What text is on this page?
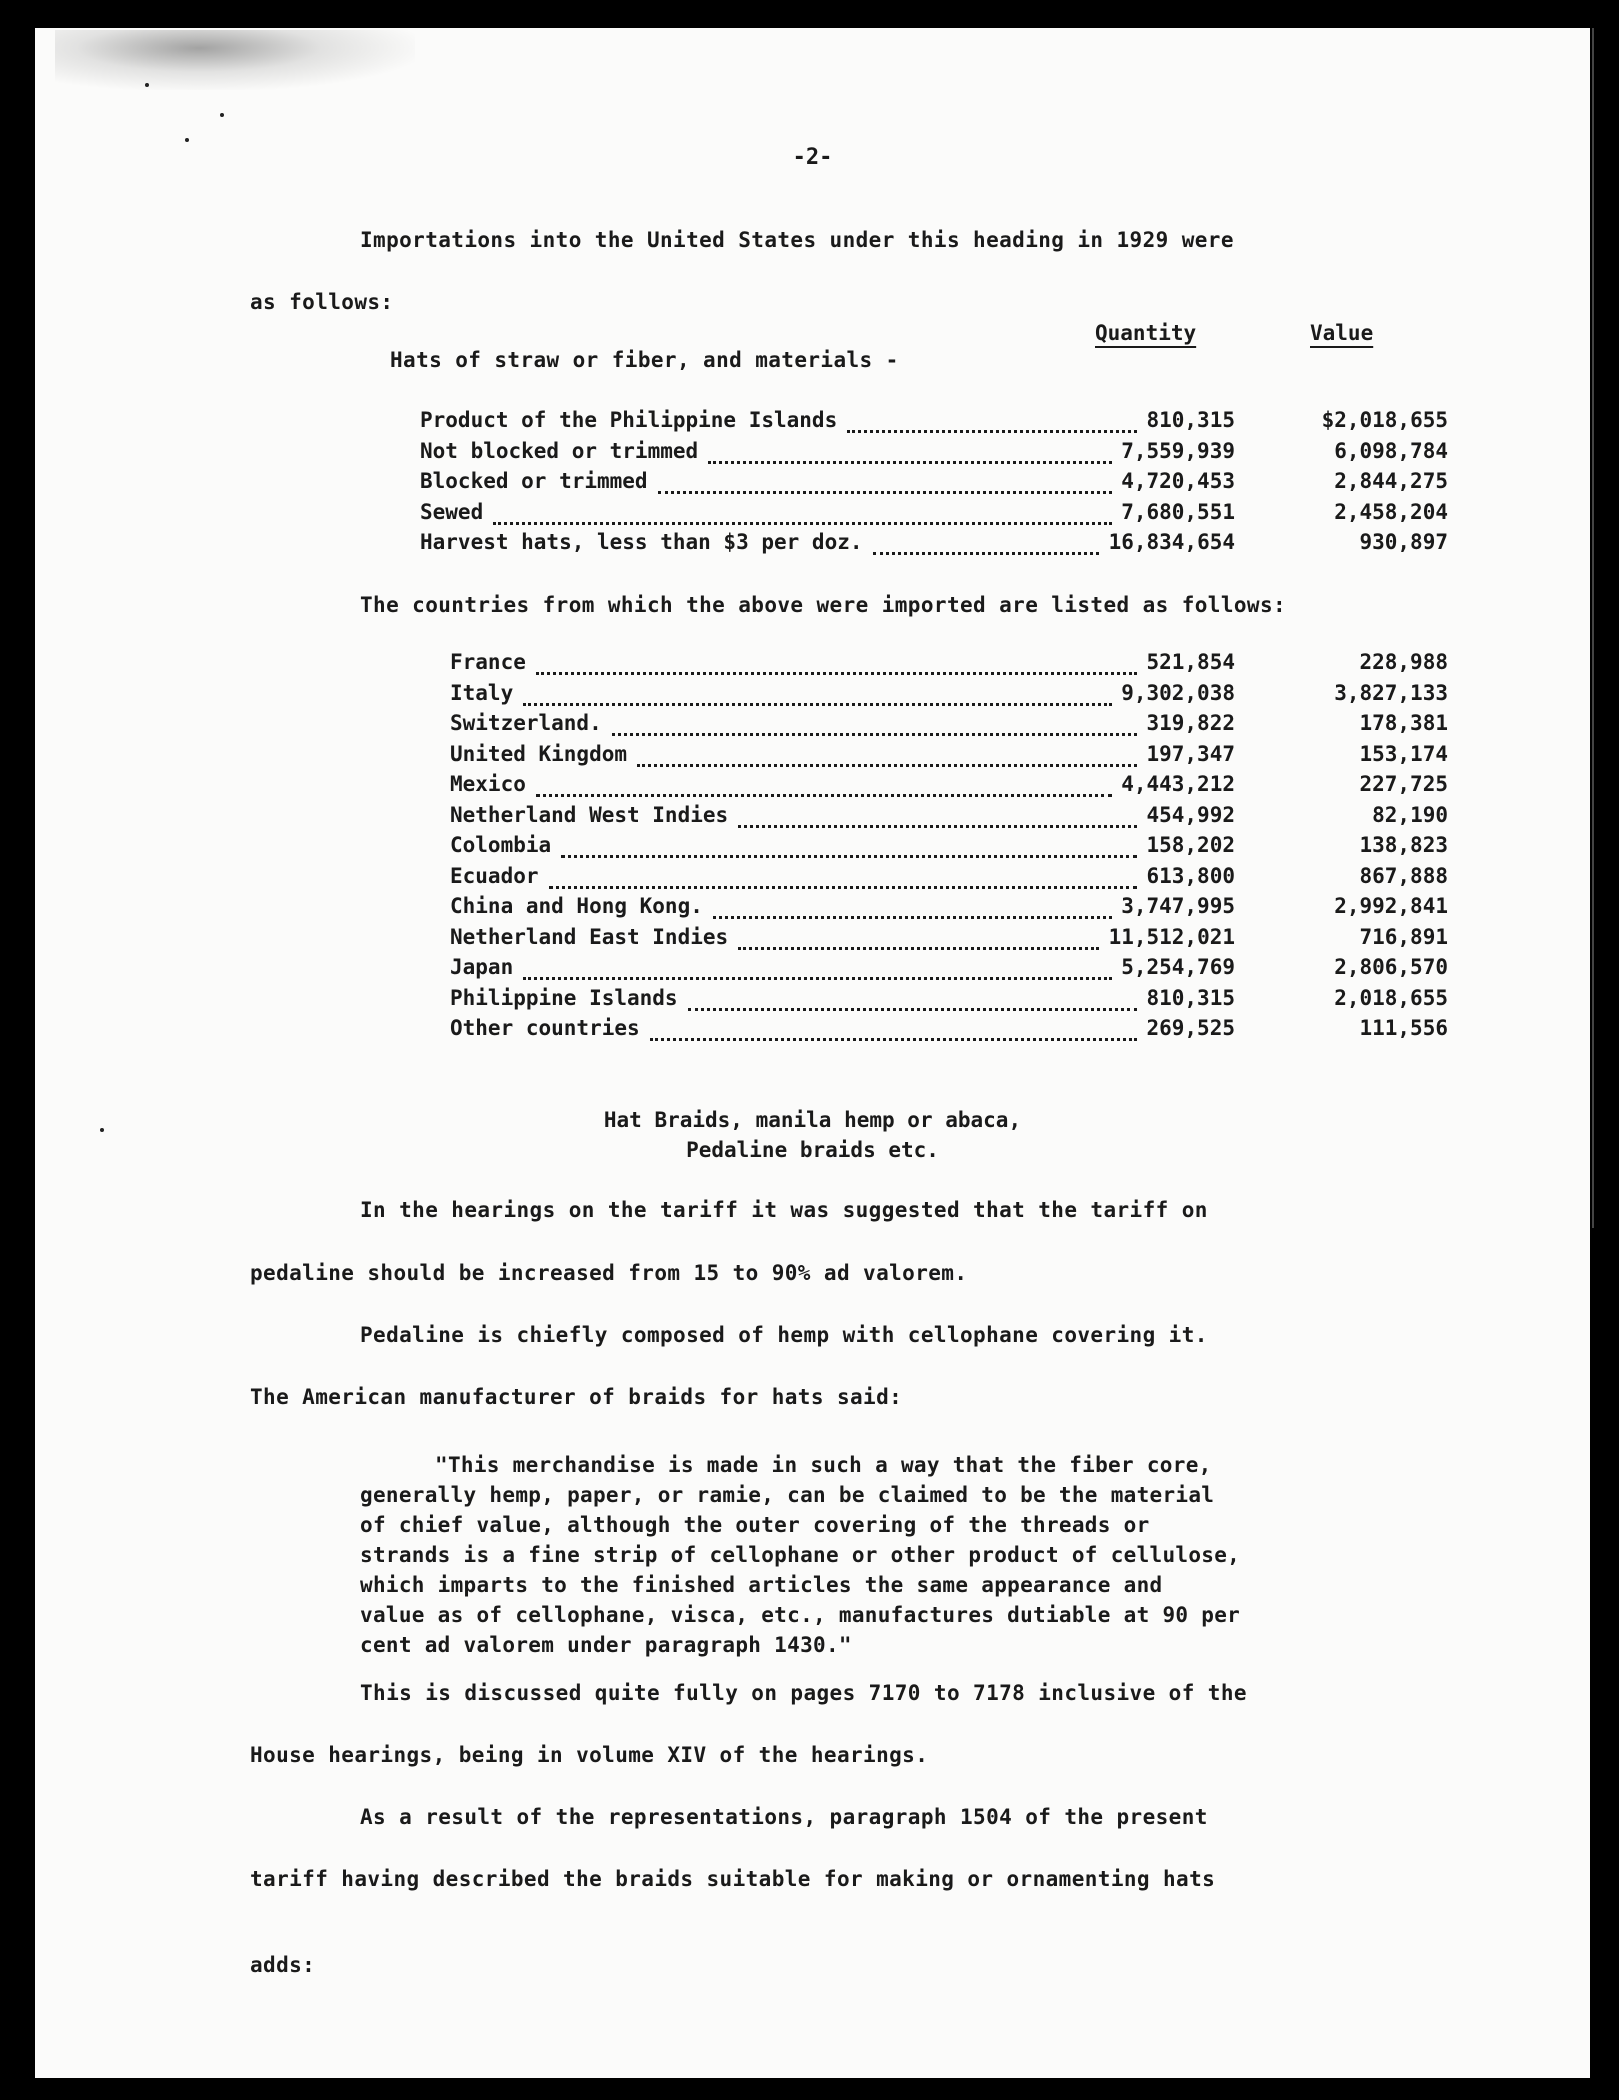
-2-
Importations into the United States under this heading in 1929 were
as follows:
Quantity	Value
Hats of straw or fiber, and materials -
Product of the Philippine Islands	810,315	$2,018,655
Not blocked or trimmed	7,559,939	6,098,784
Blocked or trimmed	4,720,453	2,844,275
Sewed	7,680,551	2,458,204
Harvest hats, less than $3 per doz.	16,834,654	930,897
The countries from which the above were imported are listed as follows:
France	521,854	228,988
Italy	9,302,038	3,827,133
Switzerland.	319,822	178,381
United Kingdom	197,347	153,174
Mexico	4,443,212	227,725
Netherland West Indies	454,992	82,190
Colombia	158,202	138,823
Ecuador	613,800	867,888
China and Hong Kong.	3,747,995	2,992,841
Netherland East Indies	11,512,021	716,891
Japan	5,254,769	2,806,570
Philippine Islands	810,315	2,018,655
Other countries	269,525	111,556
Hat Braids, manila hemp or abaca,
Pedaline braids etc.
In the hearings on the tariff it was suggested that the tariff on
pedaline should be increased from 15 to 90% ad valorem.
Pedaline is chiefly composed of hemp with cellophane covering it.
The American manufacturer of braids for hats said:
"This merchandise is made in such a way that the fiber core,
generally hemp, paper, or ramie, can be claimed to be the material
of chief value, although the outer covering of the threads or
strands is a fine strip of cellophane or other product of cellulose,
which imparts to the finished articles the same appearance and
value as of cellophane, visca, etc., manufactures dutiable at 90 per
cent ad valorem under paragraph 1430."
This is discussed quite fully on pages 7170 to 7178 inclusive of the
House hearings, being in volume XIV of the hearings.
As a result of the representations, paragraph 1504 of the present
tariff having described the braids suitable for making or ornamenting hats
adds:
